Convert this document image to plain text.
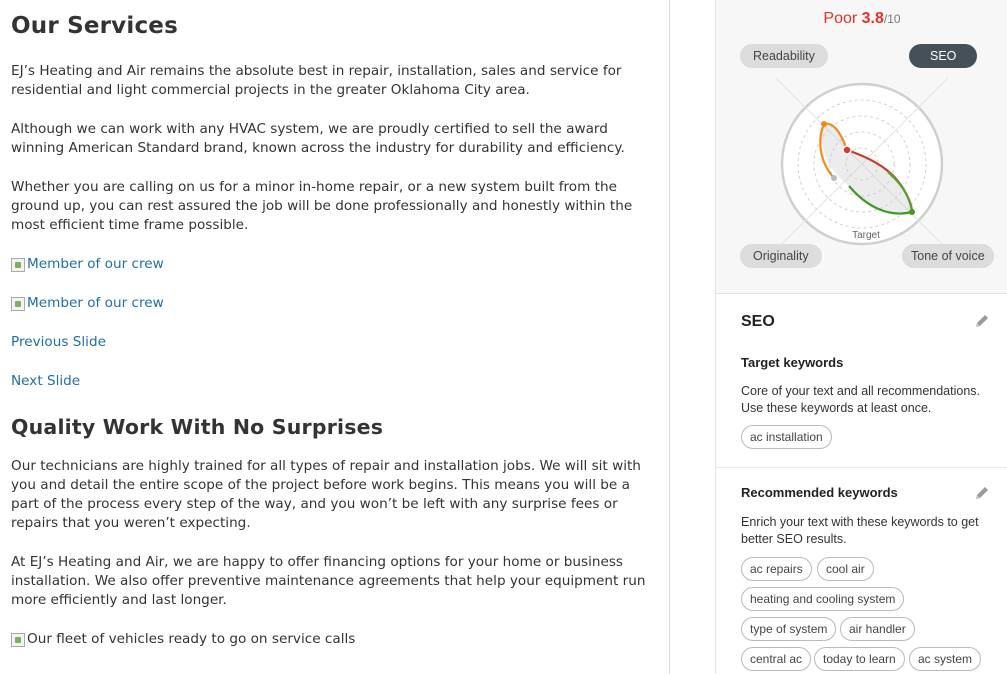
Our Services

EJ’s Heating and Air remains the absolute best in repair, installation, sales and service for residential and light commercial projects in the greater Oklahoma City area.

Although we can work with any HVAC system, we are proudly certified to sell the award winning American Standard brand, known across the industry for durability and efficiency.

Whether you are calling on us for a minor in-home repair, or a new system built from the ground up, you can rest assured the job will be done professionally and honestly within the most efficient time frame possible.

Member of our crew
Member of our crew
Previous Slide
Next Slide
Quality Work With No Surprises

Our technicians are highly trained for all types of repair and installation jobs. We will sit with you and detail the entire scope of the project before work begins. This means you will be a part of the process every step of the way, and you won’t be left with any surprise fees or repairs that you weren’t expecting.

At EJ’s Heating and Air, we are happy to offer financing options for your home or business installation. We also offer preventive maintenance agreements that help your equipment run more efficiently and last longer.

Our fleet of vehicles ready to go on service calls
Poor 3.8/10
Target
Readability	SEO
Originality	Tone of voice
SEO
Target keywords
Core of your text and all recommendations. Use these keywords at least once.
ac installation
Recommended keywords
Enrich your text with these keywords to get better SEO results.
ac repairs	cool air
heating and cooling system
type of system	air handler
central ac	today to learn	ac system
